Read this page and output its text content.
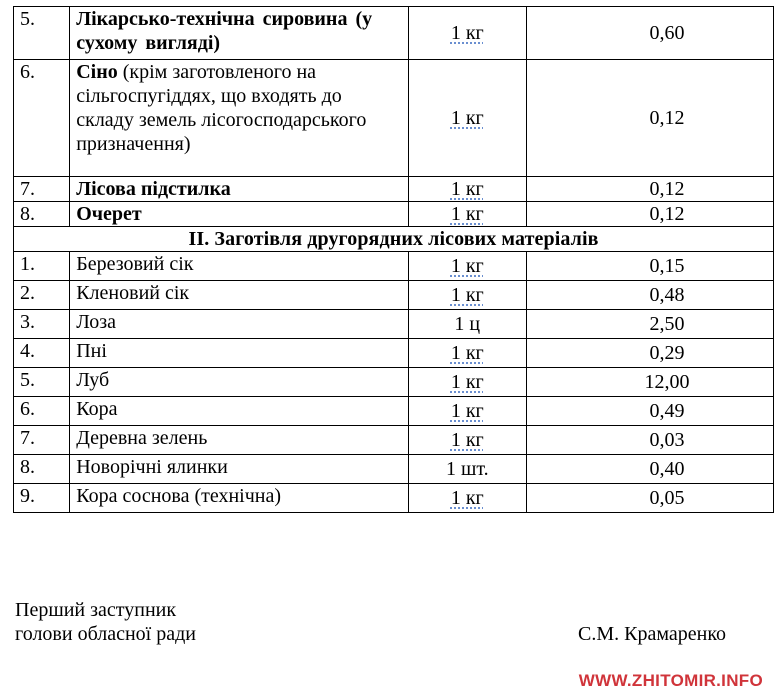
5.	Лікарсько-технічна сировина (у сухому вигляді)	1 кг	0,60
6.	Сіно (крім заготовленого на сільгоспугіддях, що входять до складу земель лісогосподарського призначення)	1 кг	0,12
7.	Лісова підстилка	1 кг	0,12
8.	Очерет	1 кг	0,12
ІІ. Заготівля другорядних лісових матеріалів			
1.	Березовий сік	1 кг	0,15
2.	Кленовий сік	1 кг	0,48
3.	Лоза	1 ц	2,50
4.	Пні	1 кг	0,29
5.	Луб	1 кг	12,00
6.	Кора	1 кг	0,49
7.	Деревна зелень	1 кг	0,03
8.	Новорічні ялинки	1 шт.	0,40
9.	Кора соснова (технічна)	1 кг	0,05
Перший заступник
голови обласної ради	С.М. Крамаренко
WWW.ZHITOMIR.INFO
